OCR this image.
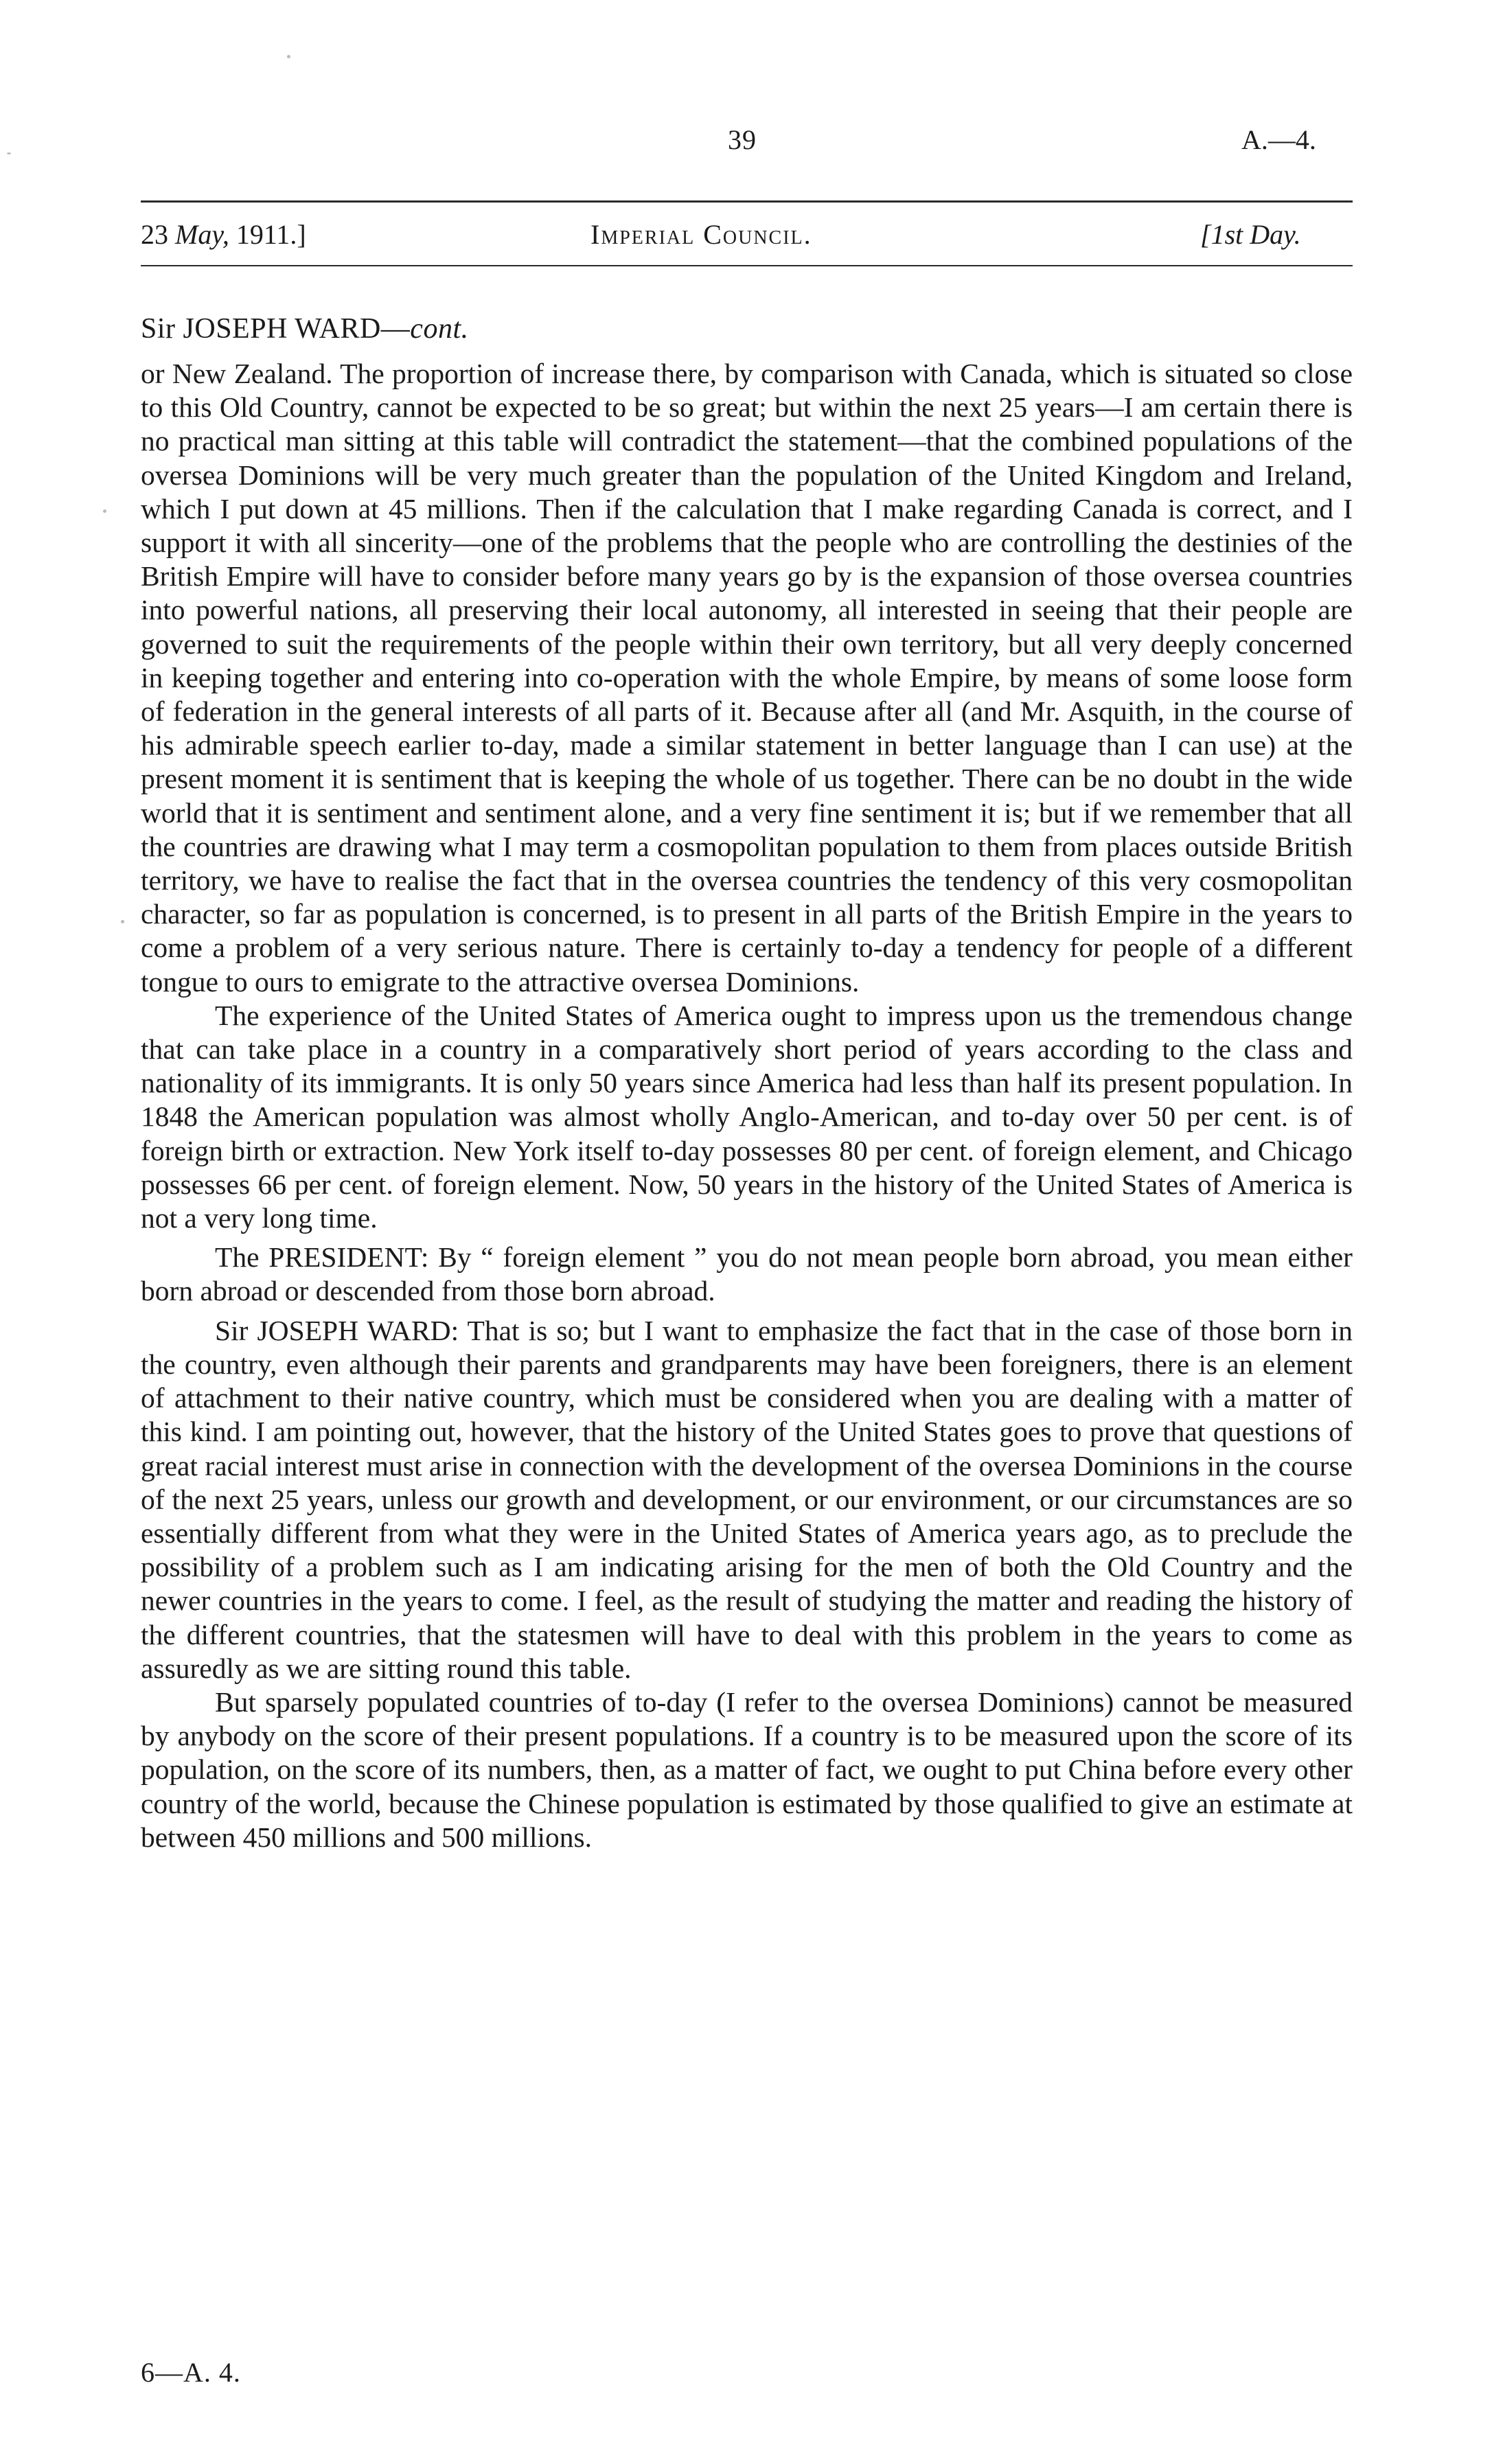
39	A.—4.
23 May, 1911.]	Imperial Council.	[1st Day.
Sir JOSEPH WARD—cont.

or New Zealand. The proportion of increase there, by comparison with Canada, which is situated so close to this Old Country, cannot be expected to be so great; but within the next 25 years—I am certain there is no practical man sitting at this table will contradict the statement—that the combined populations of the oversea Dominions will be very much greater than the population of the United Kingdom and Ireland, which I put down at 45 millions. Then if the calculation that I make regarding Canada is correct, and I support it with all sincerity—one of the problems that the people who are controlling the destinies of the British Empire will have to consider before many years go by is the expansion of those oversea countries into powerful nations, all preserving their local autonomy, all interested in seeing that their people are governed to suit the requirements of the people within their own territory, but all very deeply concerned in keeping together and entering into co-operation with the whole Empire, by means of some loose form of federation in the general interests of all parts of it. Because after all (and Mr. Asquith, in the course of his admirable speech earlier to-day, made a similar statement in better language than I can use) at the present moment it is sentiment that is keeping the whole of us together. There can be no doubt in the wide world that it is sentiment and sentiment alone, and a very fine sentiment it is; but if we remember that all the countries are drawing what I may term a cosmopolitan population to them from places outside British territory, we have to realise the fact that in the oversea countries the tendency of this very cosmopolitan character, so far as population is concerned, is to present in all parts of the British Empire in the years to come a problem of a very serious nature. There is certainly to-day a tendency for people of a different tongue to ours to emigrate to the attractive oversea Dominions.

The experience of the United States of America ought to impress upon us the tremendous change that can take place in a country in a comparatively short period of years according to the class and nationality of its immigrants. It is only 50 years since America had less than half its present population. In 1848 the American population was almost wholly Anglo-American, and to-day over 50 per cent. is of foreign birth or extraction. New York itself to-day possesses 80 per cent. of foreign element, and Chicago possesses 66 per cent. of foreign element. Now, 50 years in the history of the United States of America is not a very long time.

The PRESIDENT: By “ foreign element ” you do not mean people born abroad, you mean either born abroad or descended from those born abroad.

Sir JOSEPH WARD: That is so; but I want to emphasize the fact that in the case of those born in the country, even although their parents and grandparents may have been foreigners, there is an element of attachment to their native country, which must be considered when you are dealing with a matter of this kind. I am pointing out, however, that the history of the United States goes to prove that questions of great racial interest must arise in connection with the development of the oversea Dominions in the course of the next 25 years, unless our growth and development, or our environment, or our circumstances are so essentially different from what they were in the United States of America years ago, as to preclude the possibility of a problem such as I am indicating arising for the men of both the Old Country and the newer countries in the years to come. I feel, as the result of studying the matter and reading the history of the different countries, that the statesmen will have to deal with this problem in the years to come as assuredly as we are sitting round this table.

But sparsely populated countries of to-day (I refer to the oversea Dominions) cannot be measured by anybody on the score of their present populations. If a country is to be measured upon the score of its population, on the score of its numbers, then, as a matter of fact, we ought to put China before every other country of the world, because the Chinese population is estimated by those qualified to give an estimate at between 450 millions and 500 millions.

6—A. 4.
